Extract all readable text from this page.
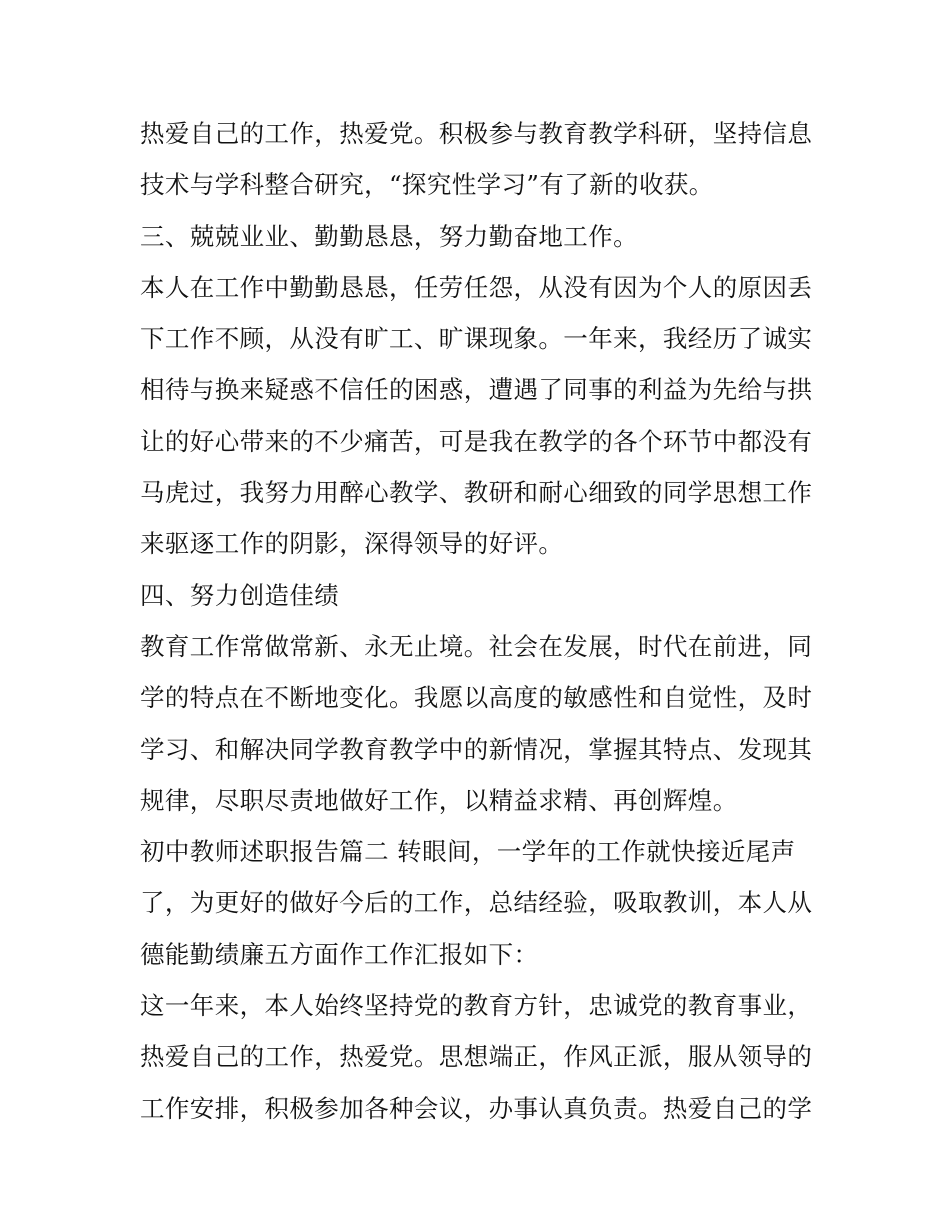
热爱自己的工作，热爱党。积极参与教育教学科研，坚持信息
技术与学科整合研究，“探究性学习”有了新的收获。
三、兢兢业业、勤勤恳恳，努力勤奋地工作。
本人在工作中勤勤恳恳，任劳任怨，从没有因为个人的原因丢
下工作不顾，从没有旷工、旷课现象。一年来，我经历了诚实
相待与换来疑惑不信任的困惑，遭遇了同事的利益为先给与拱
让的好心带来的不少痛苦，可是我在教学的各个环节中都没有
马虎过，我努力用醉心教学、教研和耐心细致的同学思想工作
来驱逐工作的阴影，深得领导的好评。
四、努力创造佳绩
教育工作常做常新、永无止境。社会在发展，时代在前进，同
学的特点在不断地变化。我愿以高度的敏感性和自觉性，及时
学习、和解决同学教育教学中的新情况，掌握其特点、发现其
规律，尽职尽责地做好工作，以精益求精、再创辉煌。
初中教师述职报告篇二 转眼间，一学年的工作就快接近尾声
了，为更好的做好今后的工作，总结经验，吸取教训，本人从
德能勤绩廉五方面作工作汇报如下：
这一年来，本人始终坚持党的教育方针，忠诚党的教育事业，
热爱自己的工作，热爱党。思想端正，作风正派，服从领导的
工作安排，积极参加各种会议，办事认真负责。热爱自己的学
